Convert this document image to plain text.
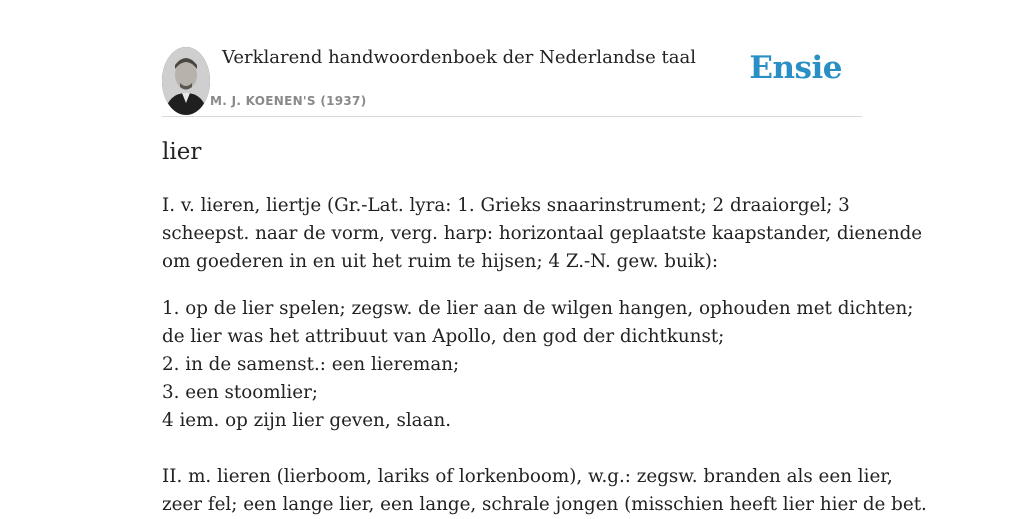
Verklarend handwoordenboek der Nederlandse taal
M. J. KOENEN'S (1937)
Ensie
lier
I. v. lieren, liertje (Gr.-Lat. lyra: 1. Grieks snaarinstrument; 2 draaiorgel; 3
scheepst. naar de vorm, verg. harp: horizontaal geplaatste kaapstander, dienende
om goederen in en uit het ruim te hijsen; 4 Z.-N. gew. buik):
1. op de lier spelen; zegsw. de lier aan de wilgen hangen, ophouden met dichten;
de lier was het attribuut van Apollo, den god der dichtkunst;
2. in de samenst.: een liereman;
3. een stoomlier;
4 iem. op zijn lier geven, slaan.
II. m. lieren (lierboom, lariks of lorkenboom), w.g.: zegsw. branden als een lier,
zeer fel; een lange lier, een lange, schrale jongen (misschien heeft lier hier de bet.
